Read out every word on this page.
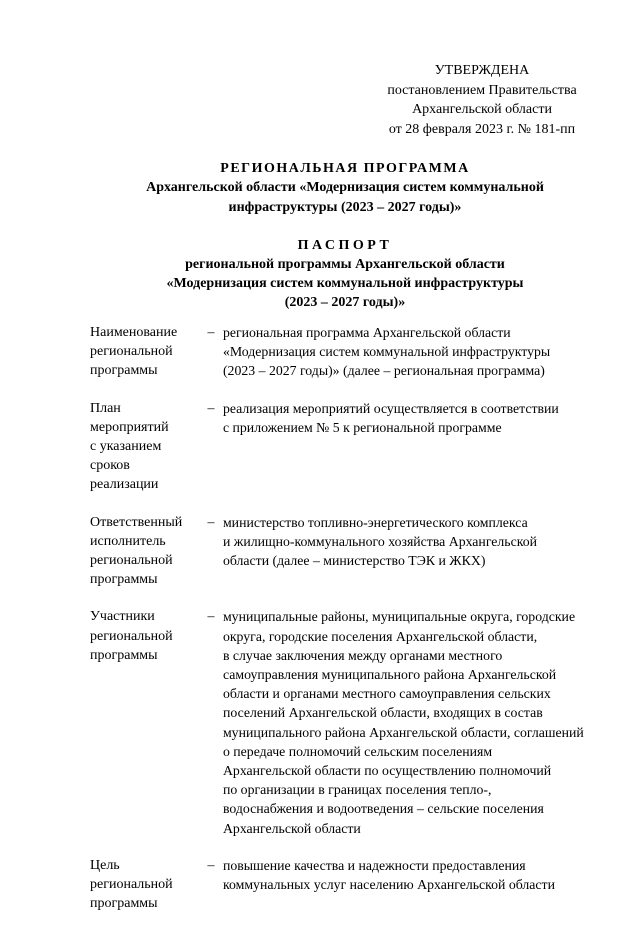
УТВЕРЖДЕНА
постановлением Правительства
Архангельской области
от 28 февраля 2023 г. № 181-пп
РЕГИОНАЛЬНАЯ ПРОГРАММА
Архангельской области «Модернизация систем коммунальной
инфраструктуры (2023 – 2027 годы)»
ПАСПОРТ
региональной программы Архангельской области
«Модернизация систем коммунальной инфраструктуры
(2023 – 2027 годы)»
Наименование
региональной
программы
– региональная программа Архангельской области
«Модернизация систем коммунальной инфраструктуры
(2023 – 2027 годы)» (далее – региональная программа)
План
мероприятий
с указанием
сроков
реализации
– реализация мероприятий осуществляется в соответствии
с приложением № 5 к региональной программе
Ответственный
исполнитель
региональной
программы
– министерство топливно-энергетического комплекса
и жилищно-коммунального хозяйства Архангельской
области (далее – министерство ТЭК и ЖКХ)
Участники
региональной
программы
– муниципальные районы, муниципальные округа, городские
округа, городские поселения Архангельской области,
в случае заключения между органами местного
самоуправления муниципального района Архангельской
области и органами местного самоуправления сельских
поселений Архангельской области, входящих в состав
муниципального района Архангельской области, соглашений
о передаче полномочий сельским поселениям
Архангельской области по осуществлению полномочий
по организации в границах поселения тепло-,
водоснабжения и водоотведения – сельские поселения
Архангельской области
Цель
региональной
программы
– повышение качества и надежности предоставления
коммунальных услуг населению Архангельской области
